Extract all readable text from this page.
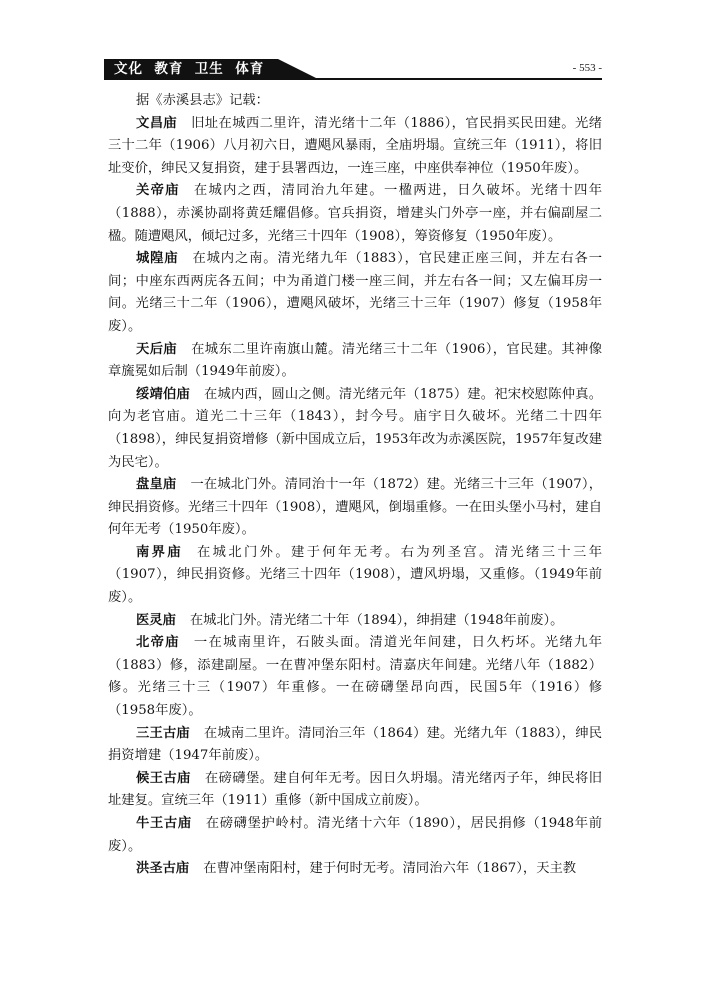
文化  教育  卫生  体育	- 553 -

据《赤溪县志》记载：

文昌庙 旧址在城西二里许，清光绪十二年（1886），官民捐买民田建。光绪三十二年（1906）八月初六日，遭飓风暴雨，全庙坍塌。宣统三年（1911），将旧址变价，绅民又复捐资，建于县署西边，一连三座，中座供奉神位（1950年废）。

关帝庙 在城内之西，清同治九年建。一楹两进，日久破坏。光绪十四年（1888），赤溪协副将黄廷耀倡修。官兵捐资，增建头门外亭一座，并右偏副屋二楹。随遭飓风，倾圮过多，光绪三十四年（1908），筹资修复（1950年废）。

城隍庙 在城内之南。清光绪九年（1883），官民建正座三间，并左右各一间；中座东西两庑各五间；中为甬道门楼一座三间，并左右各一间；又左偏耳房一间。光绪三十二年（1906），遭飓风破坏，光绪三十三年（1907）修复（1958年废）。

天后庙 在城东二里许南旗山麓。清光绪三十二年（1906），官民建。其神像章旒冕如后制（1949年前废）。

绥靖伯庙 在城内西，圆山之侧。清光绪元年（1875）建。祀宋校慰陈仲真。向为老官庙。道光二十三年（1843），封今号。庙宇日久破坏。光绪二十四年（1898），绅民复捐资增修（新中国成立后，1953年改为赤溪医院，1957年复改建为民宅）。

盘皇庙 一在城北门外。清同治十一年（1872）建。光绪三十三年（1907），绅民捐资修。光绪三十四年（1908），遭飓风，倒塌重修。一在田头堡小马村，建自何年无考（1950年废）。

南界庙 在城北门外。建于何年无考。右为列圣宫。清光绪三十三年（1907），绅民捐资修。光绪三十四年（1908），遭风坍塌，又重修。（1949年前废）。

医灵庙 在城北门外。清光绪二十年（1894），绅捐建（1948年前废）。

北帝庙 一在城南里许，石陂头面。清道光年间建，日久朽坏。光绪九年（1883）修，添建副屋。一在曹冲堡东阳村。清嘉庆年间建。光绪八年（1882）修。光绪三十三（1907）年重修。一在磅礴堡昂向西，民国5年（1916）修（1958年废）。

三王古庙 在城南二里许。清同治三年（1864）建。光绪九年（1883），绅民捐资增建（1947年前废）。

候王古庙 在磅礴堡。建自何年无考。因日久坍塌。清光绪丙子年，绅民将旧址建复。宣统三年（1911）重修（新中国成立前废）。

牛王古庙 在磅礴堡护岭村。清光绪十六年（1890），居民捐修（1948年前废）。

洪圣古庙 在曹冲堡南阳村，建于何时无考。清同治六年（1867），天主教
